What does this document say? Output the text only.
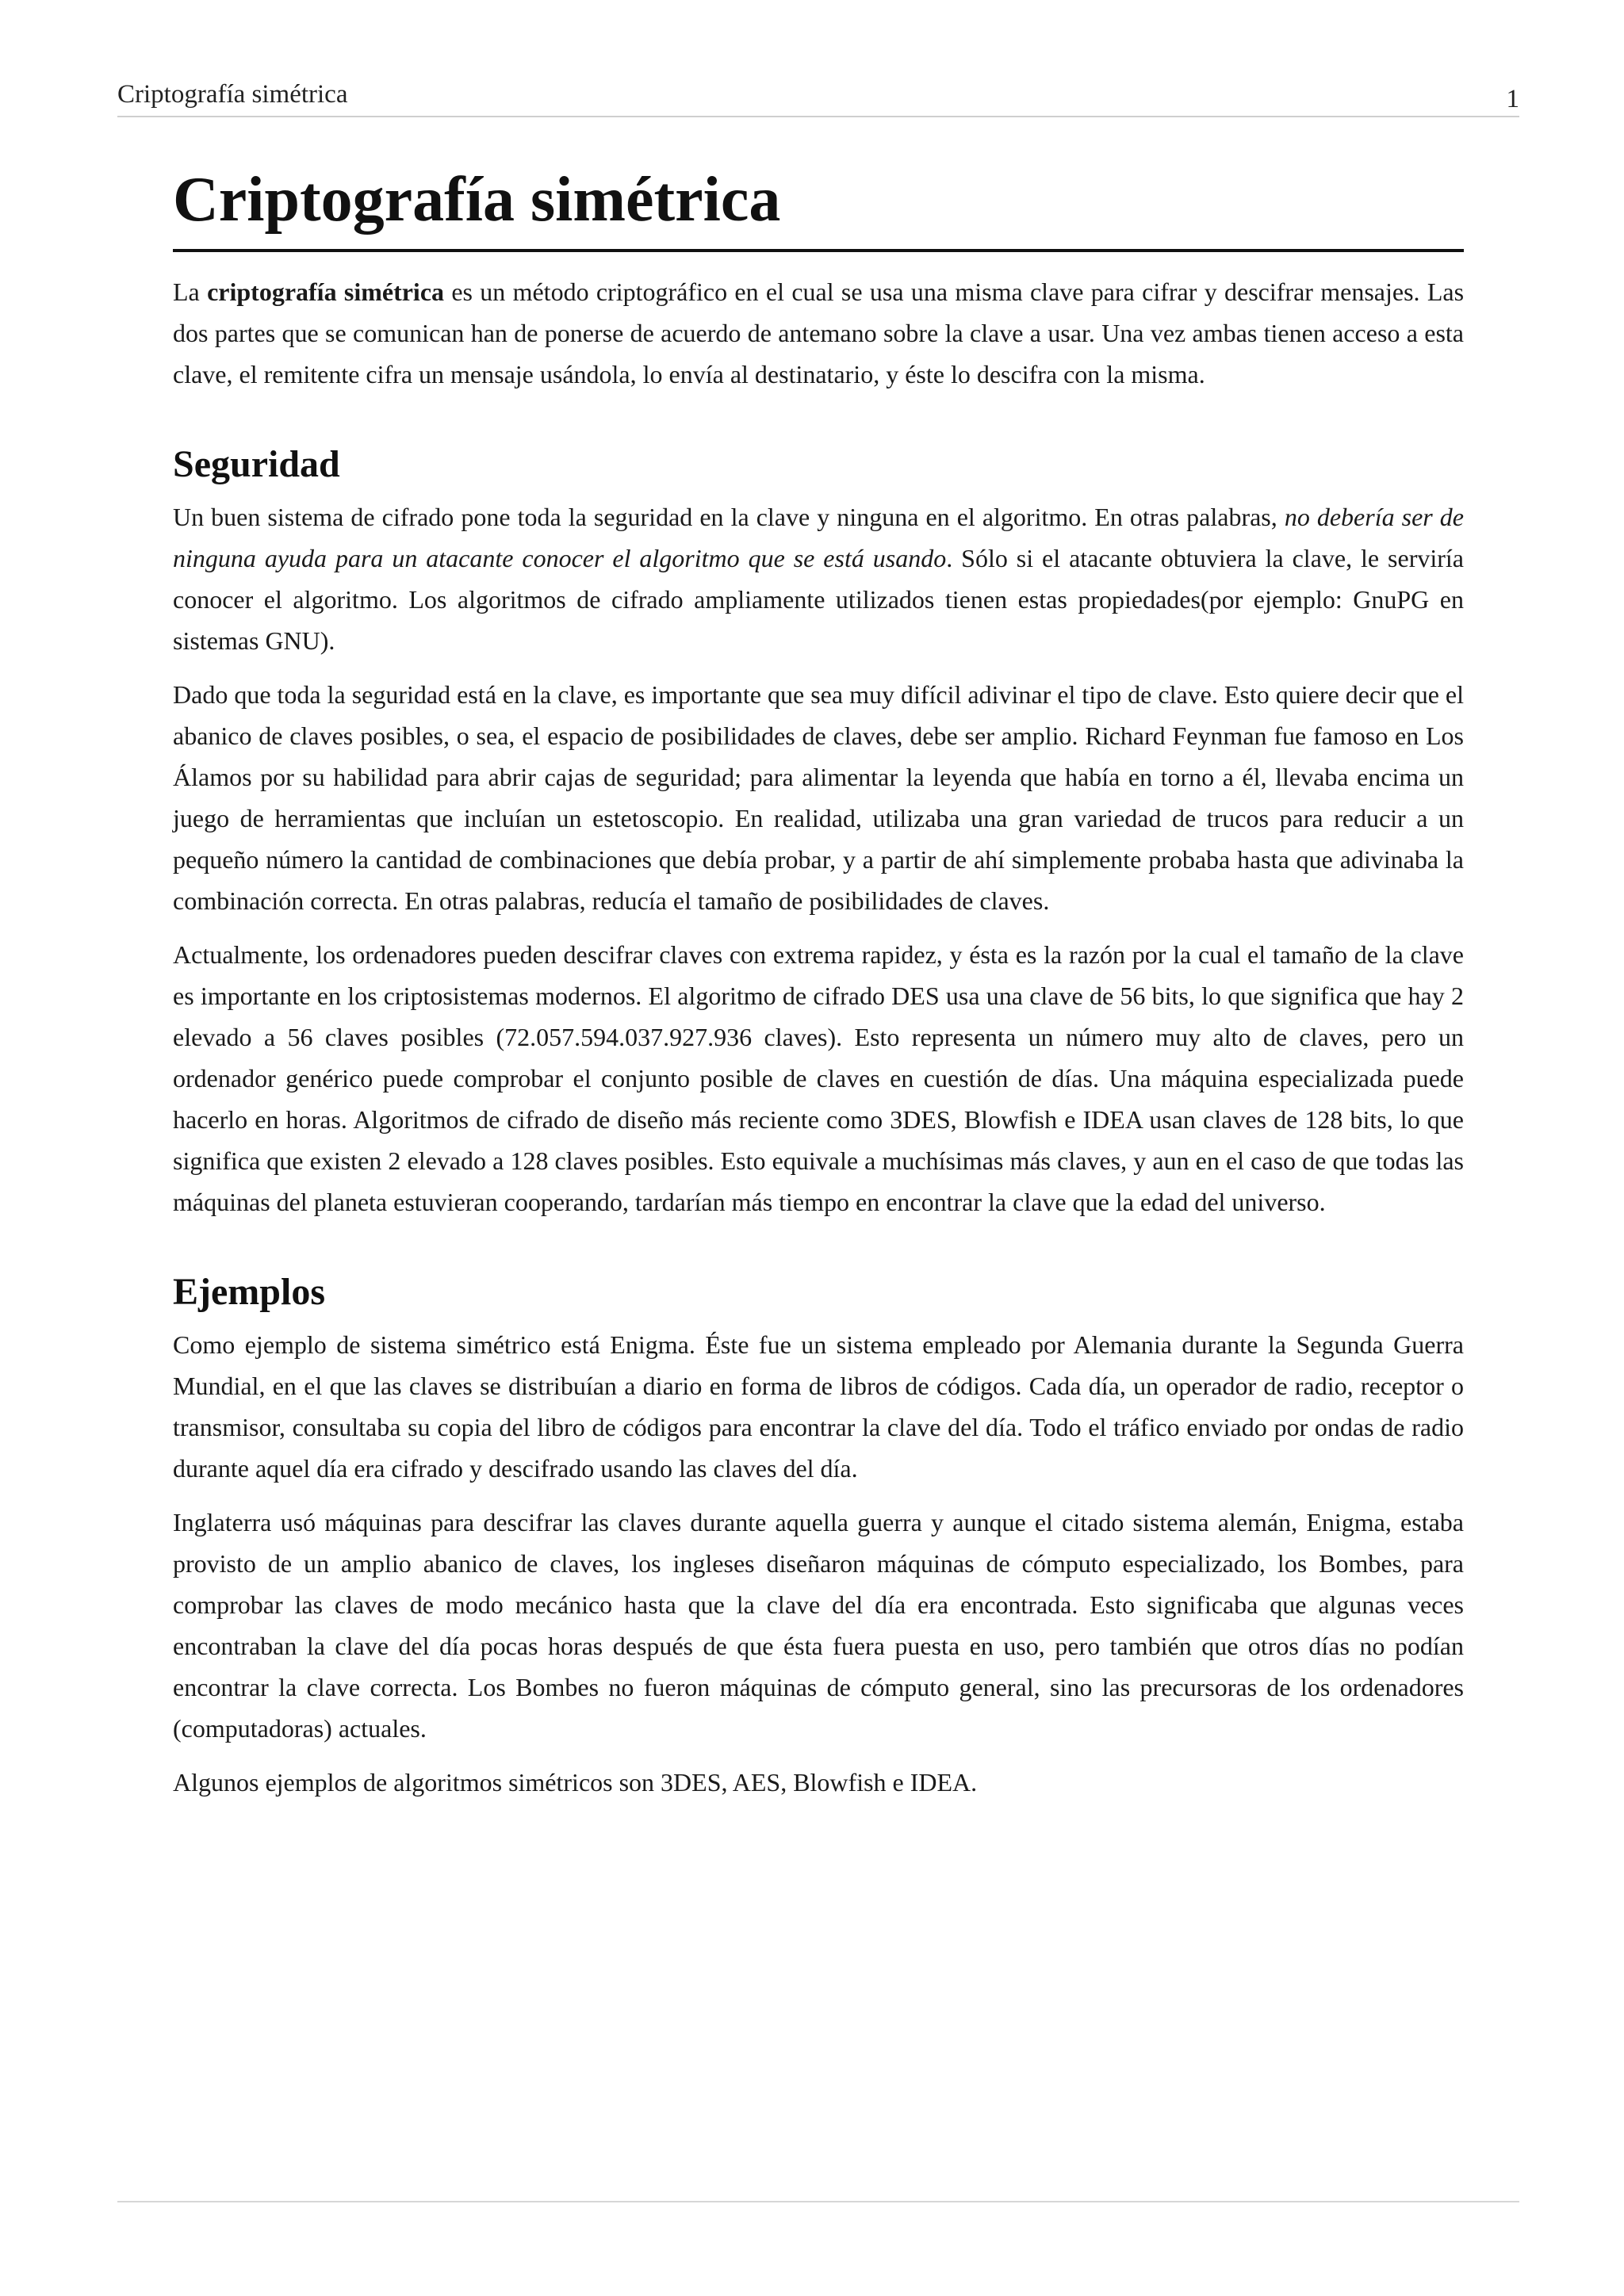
Criptografía simétrica	1
Criptografía simétrica

La criptografía simétrica es un método criptográfico en el cual se usa una misma clave para cifrar y descifrar mensajes. Las dos partes que se comunican han de ponerse de acuerdo de antemano sobre la clave a usar. Una vez ambas tienen acceso a esta clave, el remitente cifra un mensaje usándola, lo envía al destinatario, y éste lo descifra con la misma.

Seguridad

Un buen sistema de cifrado pone toda la seguridad en la clave y ninguna en el algoritmo. En otras palabras, no debería ser de ninguna ayuda para un atacante conocer el algoritmo que se está usando. Sólo si el atacante obtuviera la clave, le serviría conocer el algoritmo. Los algoritmos de cifrado ampliamente utilizados tienen estas propiedades(por ejemplo: GnuPG en sistemas GNU).

Dado que toda la seguridad está en la clave, es importante que sea muy difícil adivinar el tipo de clave. Esto quiere decir que el abanico de claves posibles, o sea, el espacio de posibilidades de claves, debe ser amplio. Richard Feynman fue famoso en Los Álamos por su habilidad para abrir cajas de seguridad; para alimentar la leyenda que había en torno a él, llevaba encima un juego de herramientas que incluían un estetoscopio. En realidad, utilizaba una gran variedad de trucos para reducir a un pequeño número la cantidad de combinaciones que debía probar, y a partir de ahí simplemente probaba hasta que adivinaba la combinación correcta. En otras palabras, reducía el tamaño de posibilidades de claves.

Actualmente, los ordenadores pueden descifrar claves con extrema rapidez, y ésta es la razón por la cual el tamaño de la clave es importante en los criptosistemas modernos. El algoritmo de cifrado DES usa una clave de 56 bits, lo que significa que hay 2 elevado a 56 claves posibles (72.057.594.037.927.936 claves). Esto representa un número muy alto de claves, pero un ordenador genérico puede comprobar el conjunto posible de claves en cuestión de días. Una máquina especializada puede hacerlo en horas. Algoritmos de cifrado de diseño más reciente como 3DES, Blowfish e IDEA usan claves de 128 bits, lo que significa que existen 2 elevado a 128 claves posibles. Esto equivale a muchísimas más claves, y aun en el caso de que todas las máquinas del planeta estuvieran cooperando, tardarían más tiempo en encontrar la clave que la edad del universo.

Ejemplos

Como ejemplo de sistema simétrico está Enigma. Éste fue un sistema empleado por Alemania durante la Segunda Guerra Mundial, en el que las claves se distribuían a diario en forma de libros de códigos. Cada día, un operador de radio, receptor o transmisor, consultaba su copia del libro de códigos para encontrar la clave del día. Todo el tráfico enviado por ondas de radio durante aquel día era cifrado y descifrado usando las claves del día.

Inglaterra usó máquinas para descifrar las claves durante aquella guerra y aunque el citado sistema alemán, Enigma, estaba provisto de un amplio abanico de claves, los ingleses diseñaron máquinas de cómputo especializado, los Bombes, para comprobar las claves de modo mecánico hasta que la clave del día era encontrada. Esto significaba que algunas veces encontraban la clave del día pocas horas después de que ésta fuera puesta en uso, pero también que otros días no podían encontrar la clave correcta. Los Bombes no fueron máquinas de cómputo general, sino las precursoras de los ordenadores (computadoras) actuales.

Algunos ejemplos de algoritmos simétricos son 3DES, AES, Blowfish e IDEA.
